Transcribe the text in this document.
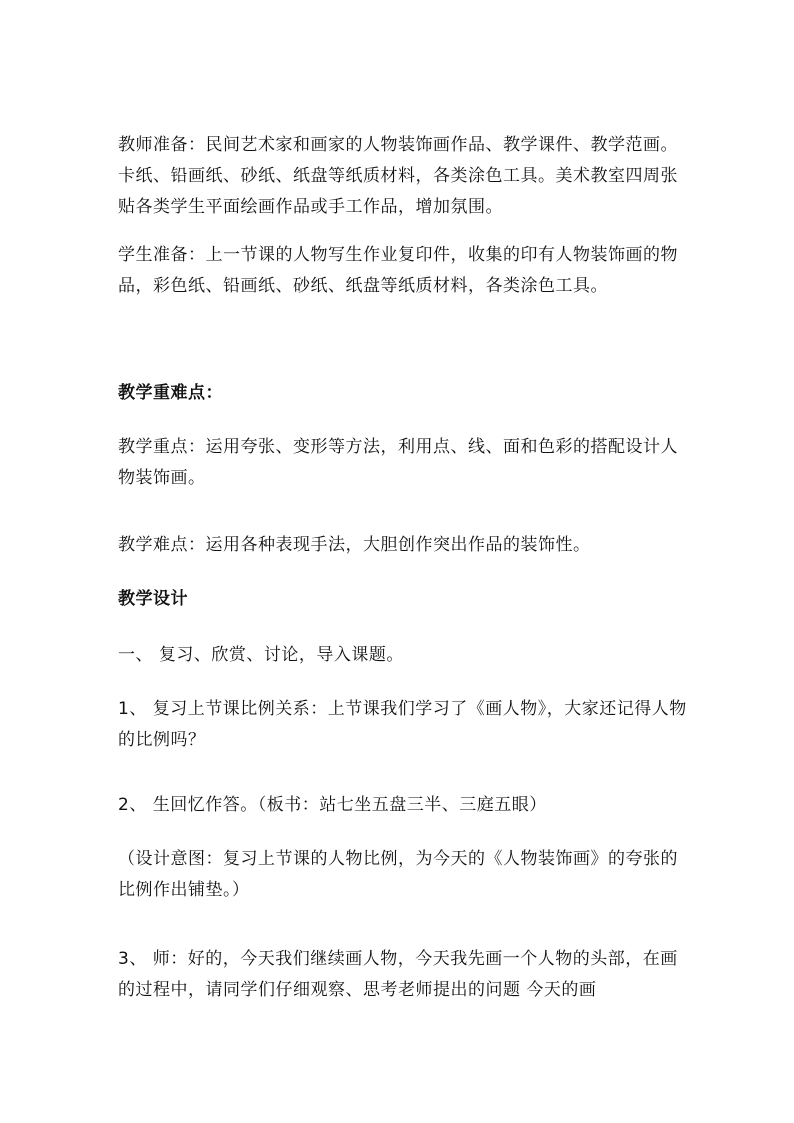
教师准备：民间艺术家和画家的人物装饰画作品、教学课件、教学范画。卡纸、铅画纸、砂纸、纸盘等纸质材料，各类涂色工具。美术教室四周张贴各类学生平面绘画作品或手工作品，增加氛围。

学生准备：上一节课的人物写生作业复印件，收集的印有人物装饰画的物品，彩色纸、铅画纸、砂纸、纸盘等纸质材料，各类涂色工具。

教学重难点：

教学重点：运用夸张、变形等方法，利用点、线、面和色彩的搭配设计人物装饰画。

教学难点：运用各种表现手法，大胆创作突出作品的装饰性。

教学设计

一、 复习、欣赏、讨论，导入课题。

1、 复习上节课比例关系：上节课我们学习了《画人物》，大家还记得人物的比例吗？

2、 生回忆作答。（板书：站七坐五盘三半、三庭五眼）

（设计意图：复习上节课的人物比例，为今天的《人物装饰画》的夸张的比例作出铺垫。）

3、 师：好的，今天我们继续画人物，今天我先画一个人物的头部，在画的过程中，请同学们仔细观察、思考老师提出的问题 今天的画
